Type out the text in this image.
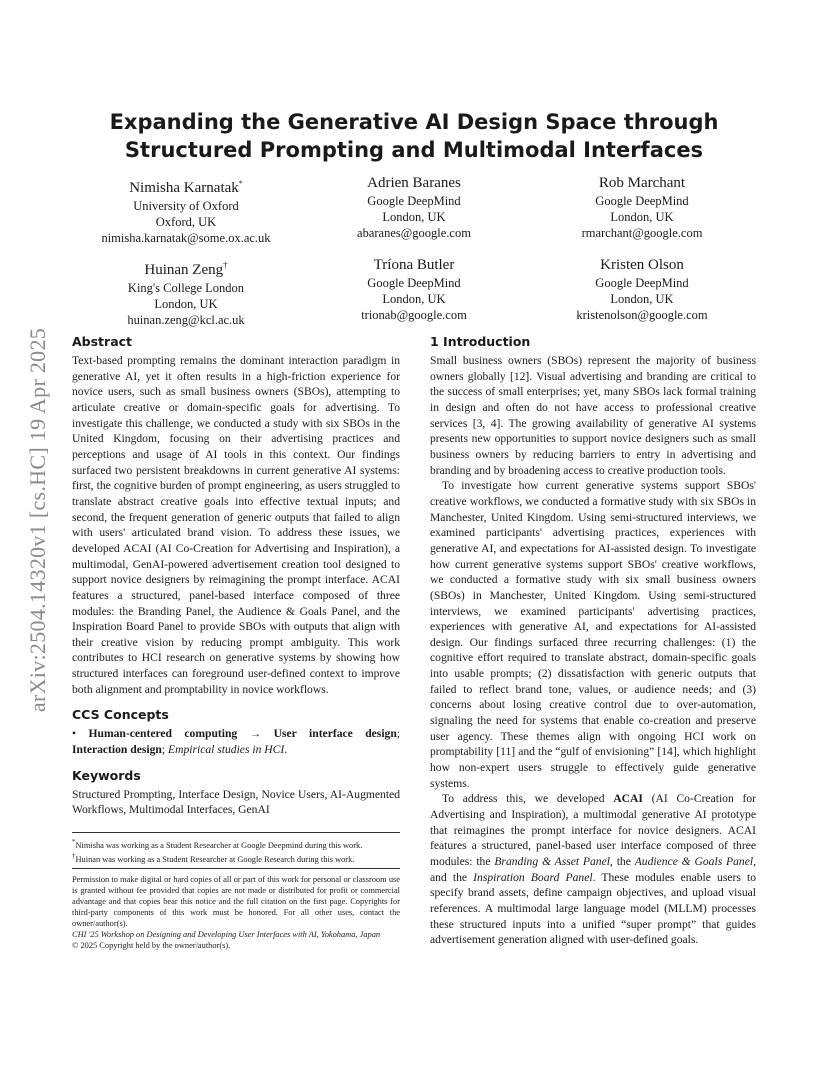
arXiv:2504.14320v1 [cs.HC] 19 Apr 2025
Expanding the Generative AI Design Space through Structured Prompting and Multimodal Interfaces
Nimisha Karnatak*
University of Oxford
Oxford, UK
nimisha.karnatak@some.ox.ac.uk
Adrien Baranes
Google DeepMind
London, UK
abaranes@google.com
Rob Marchant
Google DeepMind
London, UK
rmarchant@google.com
Huinan Zeng†
King's College London
London, UK
huinan.zeng@kcl.ac.uk
Tríona Butler
Google DeepMind
London, UK
trionab@google.com
Kristen Olson
Google DeepMind
London, UK
kristenolson@google.com
Abstract

Text-based prompting remains the dominant interaction paradigm in generative AI, yet it often results in a high-friction experience for novice users, such as small business owners (SBOs), attempting to articulate creative or domain-specific goals for advertising. To investigate this challenge, we conducted a study with six SBOs in the United Kingdom, focusing on their advertising practices and perceptions and usage of AI tools in this context. Our findings surfaced two persistent breakdowns in current generative AI systems: first, the cognitive burden of prompt engineering, as users struggled to translate abstract creative goals into effective textual inputs; and second, the frequent generation of generic outputs that failed to align with users' articulated brand vision. To address these issues, we developed ACAI (AI Co-Creation for Advertising and Inspiration), a multimodal, GenAI-powered advertisement creation tool designed to support novice designers by reimagining the prompt interface. ACAI features a structured, panel-based interface composed of three modules: the Branding Panel, the Audience & Goals Panel, and the Inspiration Board Panel to provide SBOs with outputs that align with their creative vision by reducing prompt ambiguity. This work contributes to HCI research on generative systems by showing how structured interfaces can foreground user-defined context to improve both alignment and promptability in novice workflows.

CCS Concepts

• Human-centered computing → User interface design; Interaction design; Empirical studies in HCI.

Keywords

Structured Prompting, Interface Design, Novice Users, AI-Augmented Workflows, Multimodal Interfaces, GenAI

*Nimisha was working as a Student Researcher at Google Deepmind during this work.
†Huinan was working as a Student Researcher at Google Research during this work.
Permission to make digital or hard copies of all or part of this work for personal or classroom use is granted without fee provided that copies are not made or distributed for profit or commercial advantage and that copies bear this notice and the full citation on the first page. Copyrights for third-party components of this work must be honored. For all other uses, contact the owner/author(s).
CHI '25 Workshop on Designing and Developing User Interfaces with AI, Yokohama, Japan
© 2025 Copyright held by the owner/author(s).
1 Introduction

Small business owners (SBOs) represent the majority of business owners globally [12]. Visual advertising and branding are critical to the success of small enterprises; yet, many SBOs lack formal training in design and often do not have access to professional creative services [3, 4]. The growing availability of generative AI systems presents new opportunities to support novice designers such as small business owners by reducing barriers to entry in advertising and branding and by broadening access to creative production tools.

To investigate how current generative systems support SBOs' creative workflows, we conducted a formative study with six SBOs in Manchester, United Kingdom. Using semi-structured interviews, we examined participants' advertising practices, experiences with generative AI, and expectations for AI-assisted design. To investigate how current generative systems support SBOs' creative workflows, we conducted a formative study with six small business owners (SBOs) in Manchester, United Kingdom. Using semi-structured interviews, we examined participants' advertising practices, experiences with generative AI, and expectations for AI-assisted design. Our findings surfaced three recurring challenges: (1) the cognitive effort required to translate abstract, domain-specific goals into usable prompts; (2) dissatisfaction with generic outputs that failed to reflect brand tone, values, or audience needs; and (3) concerns about losing creative control due to over-automation, signaling the need for systems that enable co-creation and preserve user agency. These themes align with ongoing HCI work on promptability [11] and the “gulf of envisioning” [14], which highlight how non-expert users struggle to effectively guide generative systems.

To address this, we developed ACAI (AI Co-Creation for Advertising and Inspiration), a multimodal generative AI prototype that reimagines the prompt interface for novice designers. ACAI features a structured, panel-based user interface composed of three modules: the Branding & Asset Panel, the Audience & Goals Panel, and the Inspiration Board Panel. These modules enable users to specify brand assets, define campaign objectives, and upload visual references. A multimodal large language model (MLLM) processes these structured inputs into a unified “super prompt” that guides advertisement generation aligned with user-defined goals.
